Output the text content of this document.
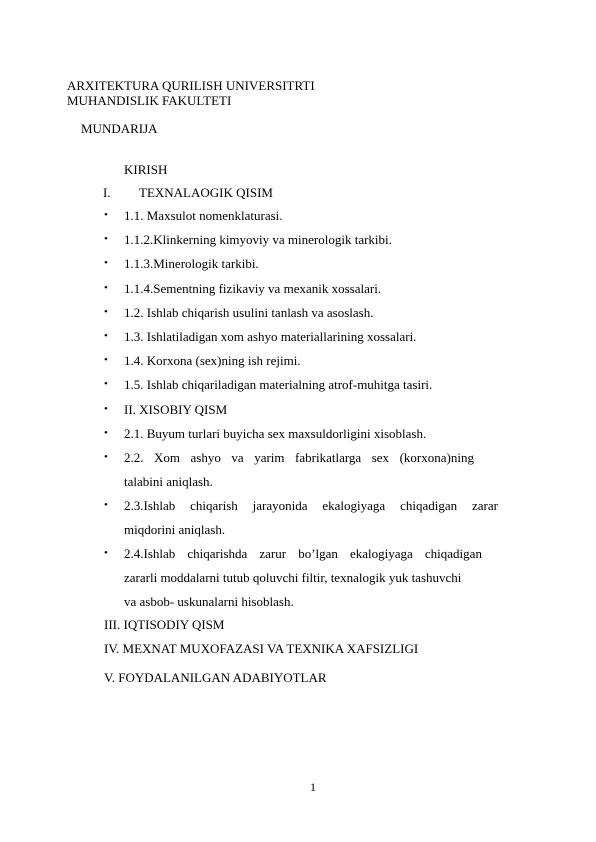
ARXITEKTURA QURILISH UNIVERSITRTI
MUHANDISLIK FAKULTETI
MUNDARIJA
KIRISH
I. TEXNALAOGIK QISIM
• 1.1. Maxsulot nomenklaturasi.
• 1.1.2.Klinkerning kimyoviy va minerologik tarkibi.
• 1.1.3.Minerologik tarkibi.
• 1.1.4.Sementning fizikaviy va mexanik xossalari.
• 1.2. Ishlab chiqarish usulini tanlash va asoslash.
• 1.3. Ishlatiladigan xom ashyo materiallarining xossalari.
• 1.4. Korxona (sex)ning ish rejimi.
• 1.5. Ishlab chiqariladigan materialning atrof-muhitga tasiri.
• II. XISOBIY QISM
• 2.1. Buyum turlari buyicha sex maxsuldorligini xisoblash.
• 2.2. Xom ashyo va yarim fabrikatlarga sex (korxona)ning
talabini aniqlash.
• 2.3.Ishlab chiqarish jarayonida ekalogiyaga chiqadigan zarar
miqdorini aniqlash.
• 2.4.Ishlab chiqarishda zarur bo’lgan ekalogiyaga chiqadigan
zararli moddalarni tutub qoluvchi filtir, texnalogik yuk tashuvchi
va asbob- uskunalarni hisoblash.
III. IQTISODIY QISM
IV. MEXNAT MUXOFAZASI VA TEXNIKA XAFSIZLIGI
V. FOYDALANILGAN ADABIYOTLAR
1
